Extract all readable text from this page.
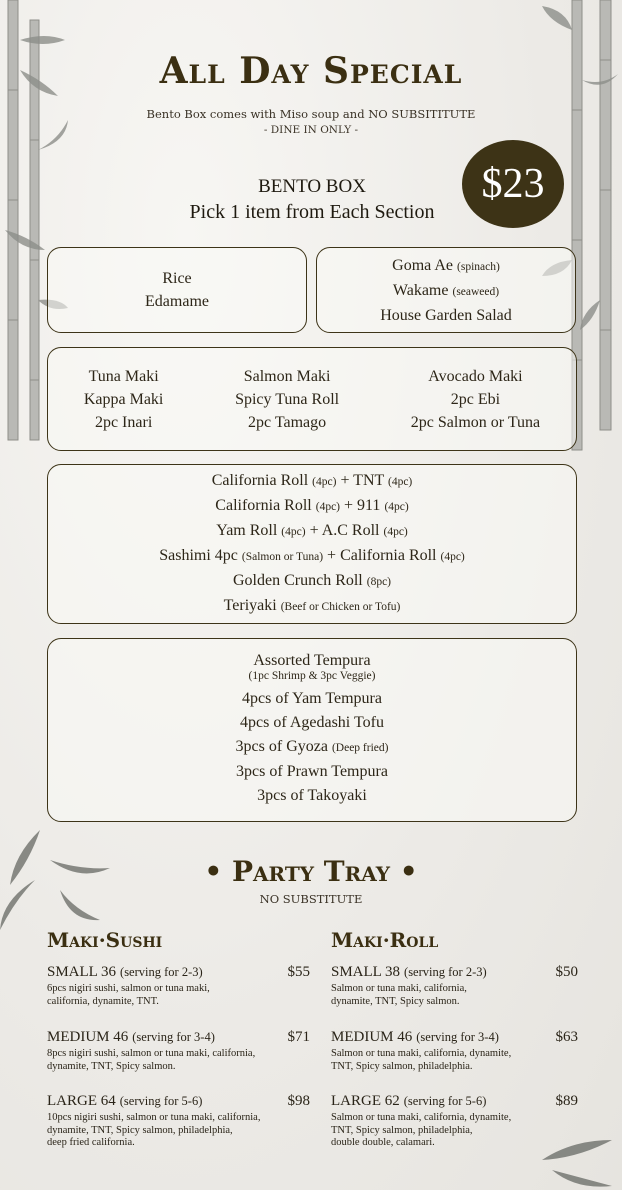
All Day Special
Bento Box comes with Miso soup and NO SUBSITITUTE
- DINE IN ONLY -
$23
BENTO BOX
Pick 1 item from Each Section
Rice
Edamame
Goma Ae (spinach)
Wakame (seaweed)
House Garden Salad
Tuna Maki
Kappa Maki
2pc Inari
Salmon Maki
Spicy Tuna Roll
2pc Tamago
Avocado Maki
2pc Ebi
2pc Salmon or Tuna
California Roll (4pc) + TNT (4pc)
California Roll (4pc) + 911 (4pc)
Yam Roll (4pc) + A.C Roll (4pc)
Sashimi 4pc (Salmon or Tuna) + California Roll (4pc)
Golden Crunch Roll (8pc)
Teriyaki (Beef or Chicken or Tofu)
Assorted Tempura
(1pc Shrimp & 3pc Veggie)
4pcs of Yam Tempura
4pcs of Agedashi Tofu
3pcs of Gyoza (Deep fried)
3pcs of Prawn Tempura
3pcs of Takoyaki
• Party Tray •
NO SUBSTITUTE
Maki·Sushi	Maki·Roll
SMALL 36 (serving for 2-3)	$55
6pcs nigiri sushi, salmon or tuna maki,
california, dynamite, TNT.
MEDIUM 46 (serving for 3-4)	$71
8pcs nigiri sushi, salmon or tuna maki, california,
dynamite, TNT, Spicy salmon.
LARGE 64 (serving for 5-6)	$98
10pcs nigiri sushi, salmon or tuna maki, california,
dynamite, TNT, Spicy salmon, philadelphia,
deep fried california.
SMALL 38 (serving for 2-3)	$50
Salmon or tuna maki, california,
dynamite, TNT, Spicy salmon.
MEDIUM 46 (serving for 3-4)	$63
Salmon or tuna maki, california, dynamite,
TNT, Spicy salmon, philadelphia.
LARGE 62 (serving for 5-6)	$89
Salmon or tuna maki, california, dynamite,
TNT, Spicy salmon, philadelphia,
double double, calamari.
